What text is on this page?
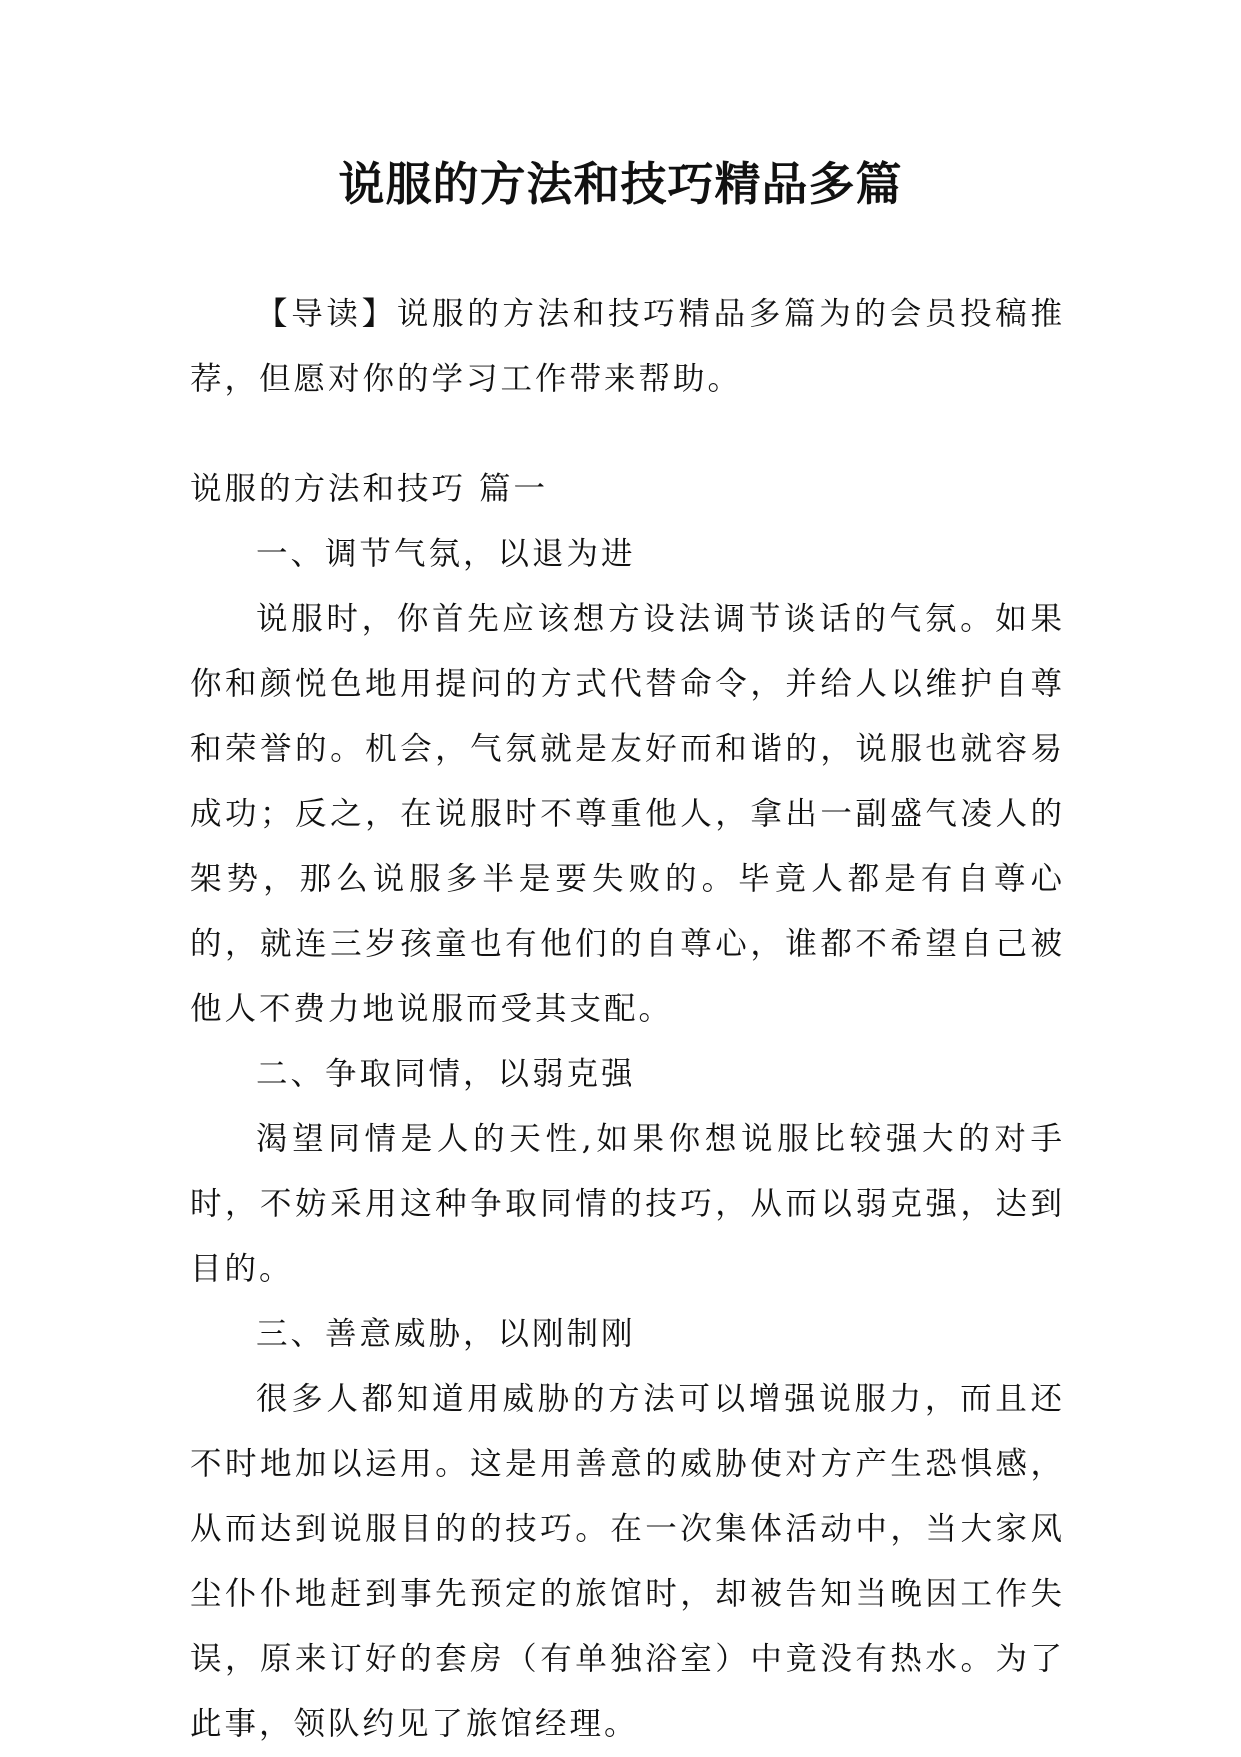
说服的方法和技巧精品多篇

【导读】说服的方法和技巧精品多篇为的会员投稿推荐，但愿对你的学习工作带来帮助。

说服的方法和技巧 篇一

一、调节气氛，以退为进

说服时，你首先应该想方设法调节谈话的气氛。如果你和颜悦色地用提问的方式代替命令，并给人以维护自尊和荣誉的。机会，气氛就是友好而和谐的，说服也就容易成功；反之，在说服时不尊重他人，拿出一副盛气凌人的架势，那么说服多半是要失败的。毕竟人都是有自尊心的，就连三岁孩童也有他们的自尊心，谁都不希望自己被他人不费力地说服而受其支配。

二、争取同情，以弱克强

渴望同情是人的天性,如果你想说服比较强大的对手时，不妨采用这种争取同情的技巧，从而以弱克强，达到目的。

三、善意威胁，以刚制刚

很多人都知道用威胁的方法可以增强说服力，而且还不时地加以运用。这是用善意的威胁使对方产生恐惧感，从而达到说服目的的技巧。在一次集体活动中，当大家风尘仆仆地赶到事先预定的旅馆时，却被告知当晚因工作失误，原来订好的套房（有单独浴室）中竟没有热水。为了此事，领队约见了旅馆经理。
